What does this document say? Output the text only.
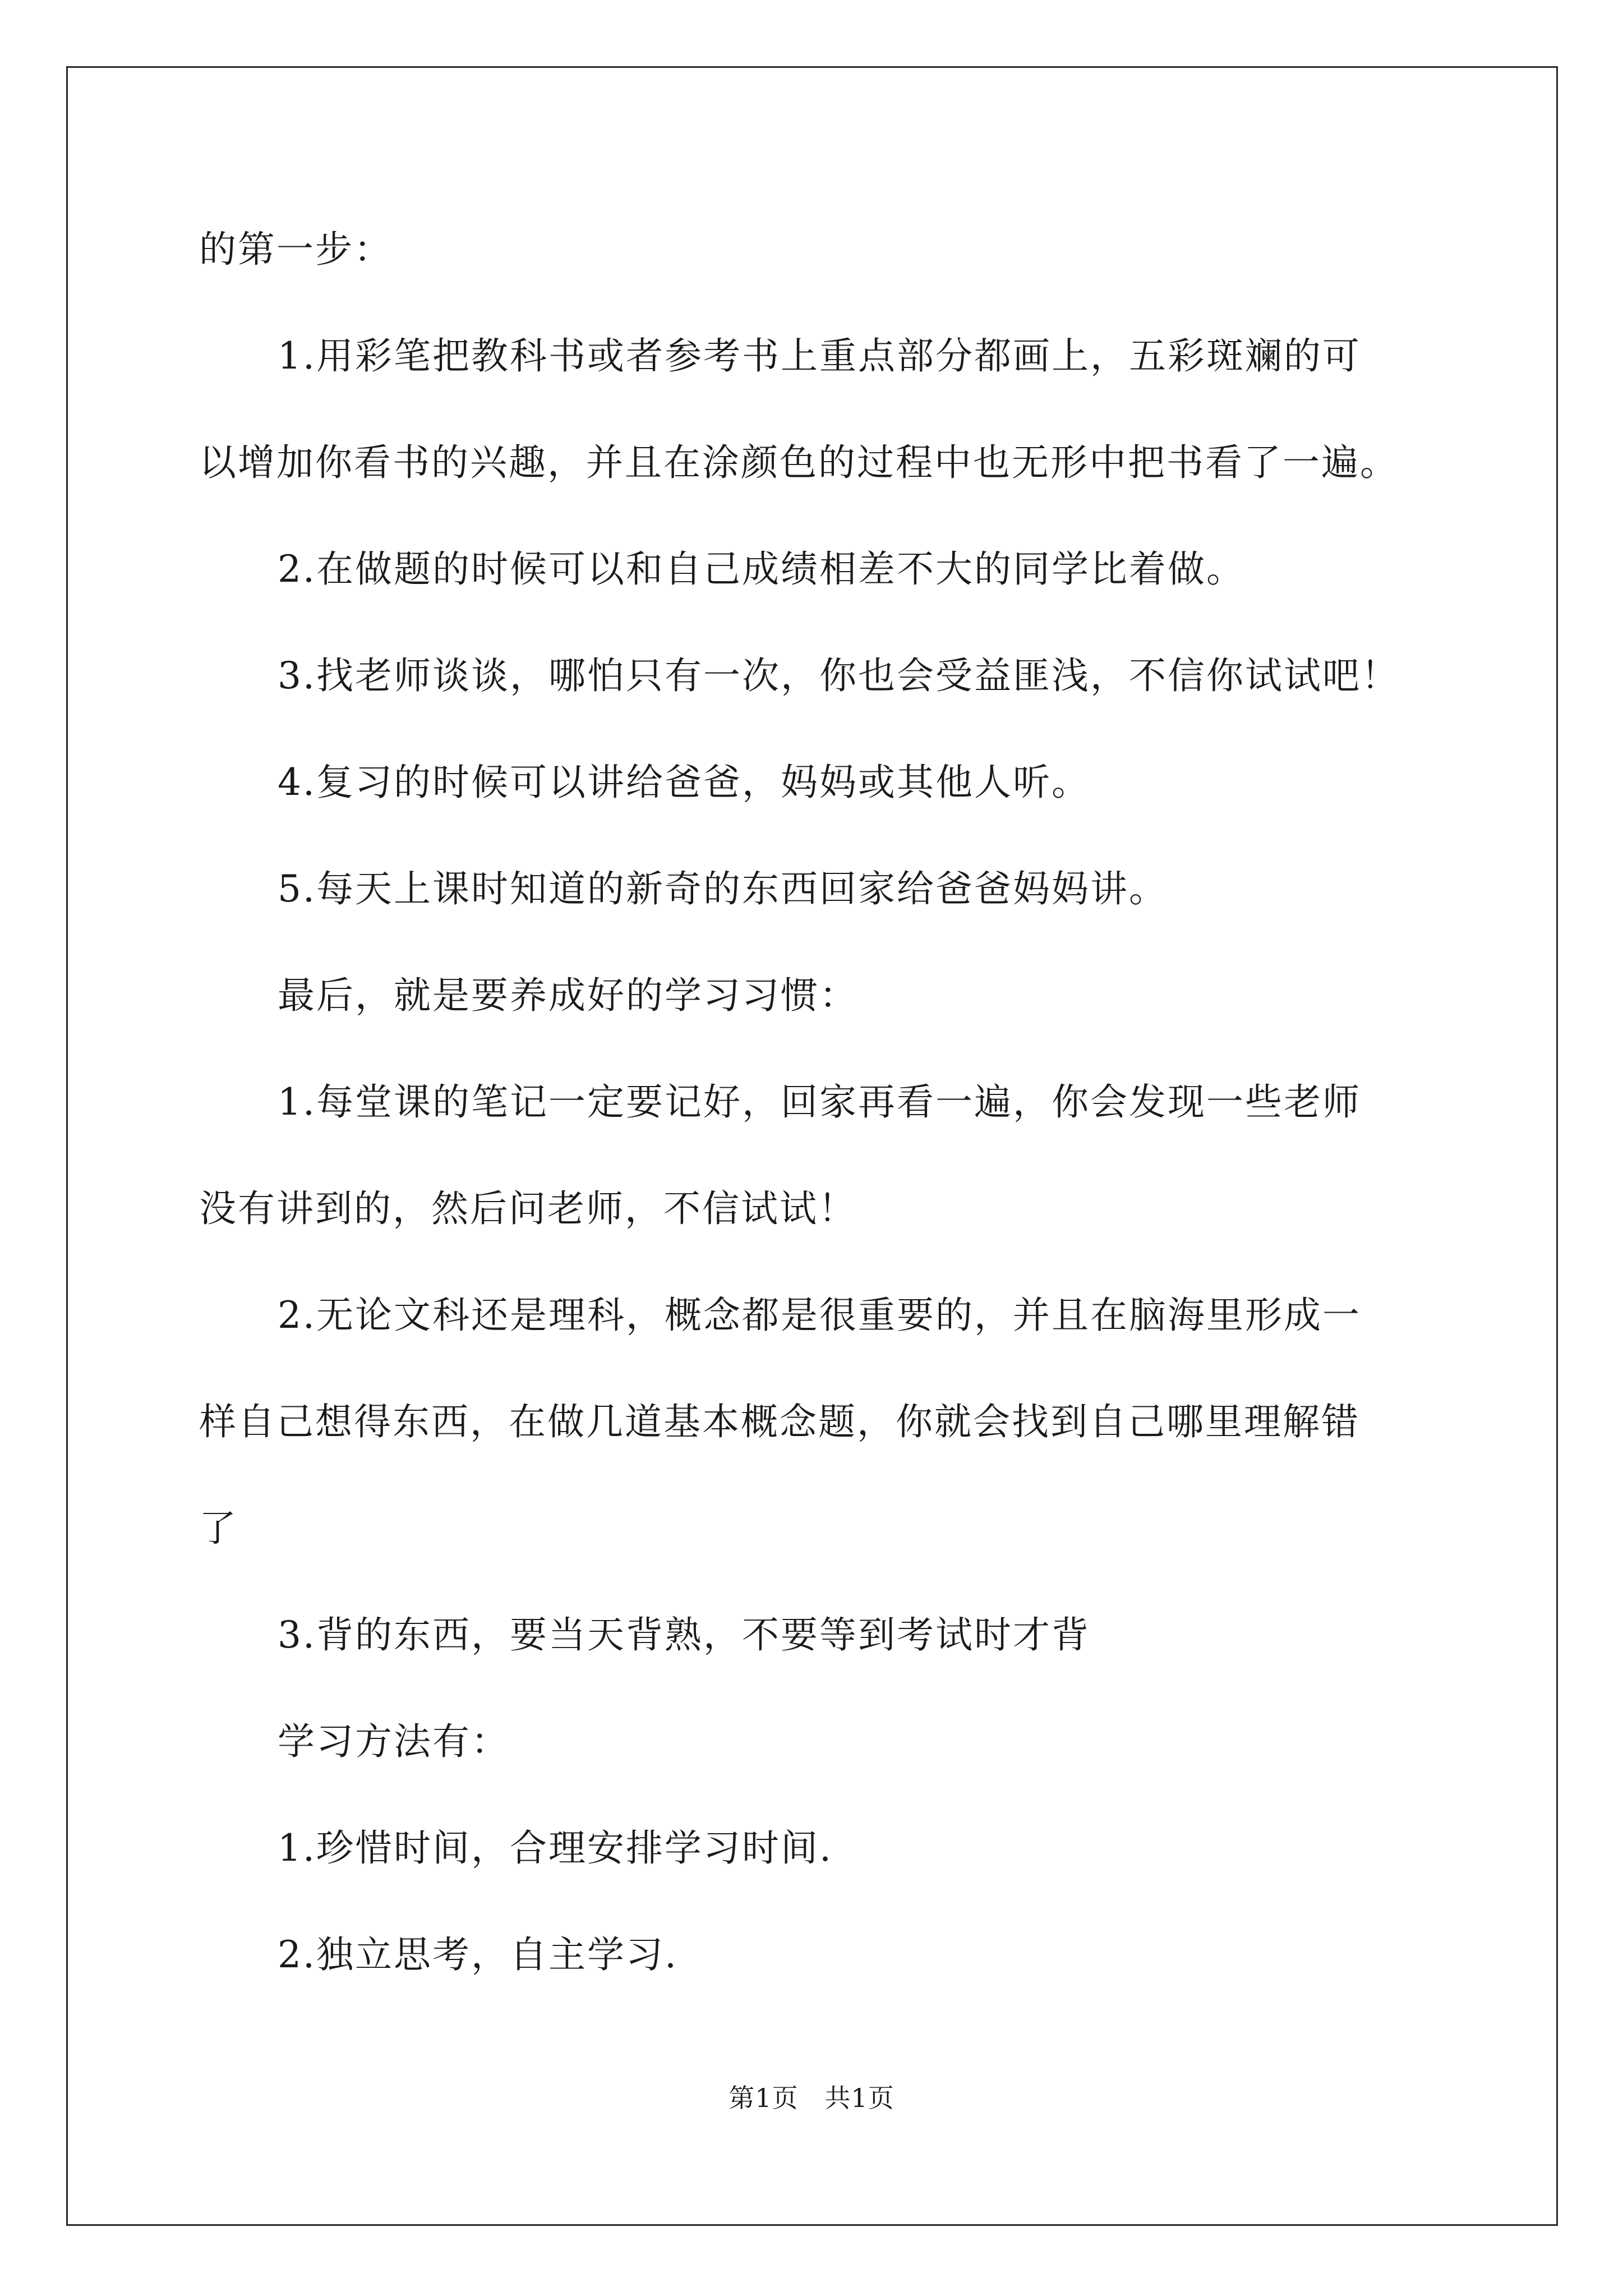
的第一步：
1.用彩笔把教科书或者参考书上重点部分都画上，五彩斑斓的可
以增加你看书的兴趣，并且在涂颜色的过程中也无形中把书看了一遍。
2.在做题的时候可以和自己成绩相差不大的同学比着做。
3.找老师谈谈，哪怕只有一次，你也会受益匪浅，不信你试试吧！
4.复习的时候可以讲给爸爸，妈妈或其他人听。
5.每天上课时知道的新奇的东西回家给爸爸妈妈讲。
最后，就是要养成好的学习习惯：
1.每堂课的笔记一定要记好，回家再看一遍，你会发现一些老师
没有讲到的，然后问老师，不信试试！
2.无论文科还是理科，概念都是很重要的，并且在脑海里形成一
样自己想得东西，在做几道基本概念题，你就会找到自己哪里理解错
了
3.背的东西，要当天背熟，不要等到考试时才背
学习方法有：
1.珍惜时间，合理安排学习时间.
2.独立思考，自主学习.
第1页   共1页
